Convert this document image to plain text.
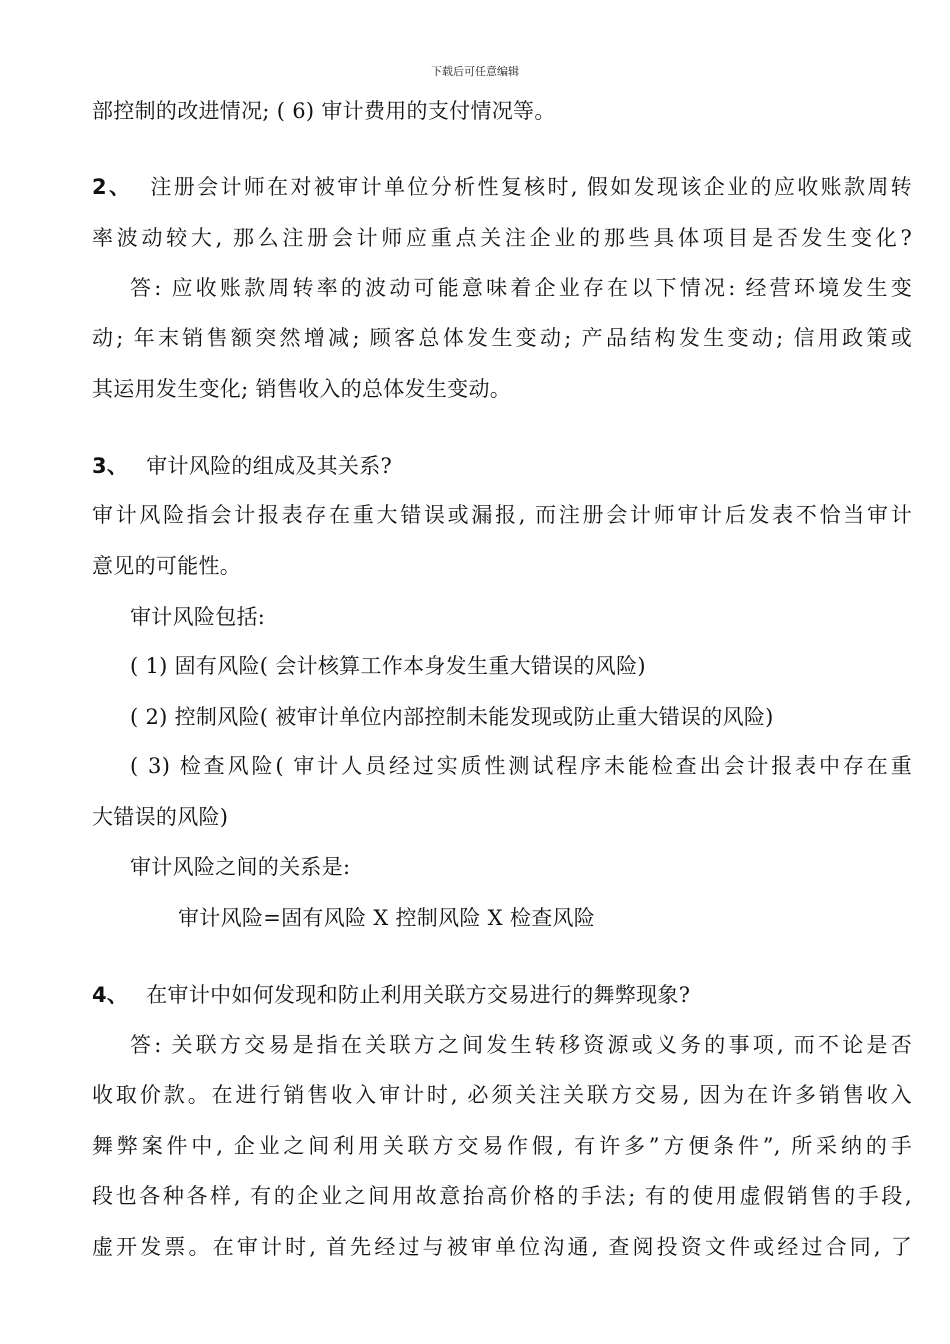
下载后可任意编辑
部控制的改进情况; ( 6) 审计费用的支付情况等。
2、 注册会计师在对被审计单位分析性复核时, 假如发现该企业的应收账款周转
率波动较大, 那么注册会计师应重点关注企业的那些具体项目是否发生变化?
答: 应收账款周转率的波动可能意味着企业存在以下情况: 经营环境发生变
动; 年末销售额突然增减; 顾客总体发生变动; 产品结构发生变动; 信用政策或
其运用发生变化; 销售收入的总体发生变动。
3、 审计风险的组成及其关系?
审计风险指会计报表存在重大错误或漏报, 而注册会计师审计后发表不恰当审计
意见的可能性。
审计风险包括:
( 1) 固有风险( 会计核算工作本身发生重大错误的风险)
( 2) 控制风险( 被审计单位内部控制未能发现或防止重大错误的风险)
( 3) 检查风险( 审计人员经过实质性测试程序未能检查出会计报表中存在重
大错误的风险)
审计风险之间的关系是:
审计风险=固有风险 X 控制风险 X 检查风险
4、 在审计中如何发现和防止利用关联方交易进行的舞弊现象?
答: 关联方交易是指在关联方之间发生转移资源或义务的事项, 而不论是否
收取价款。在进行销售收入审计时, 必须关注关联方交易, 因为在许多销售收入
舞弊案件中, 企业之间利用关联方交易作假, 有许多”方便条件”, 所采纳的手
段也各种各样, 有的企业之间用故意抬高价格的手法; 有的使用虚假销售的手段,
虚开发票。在审计时, 首先经过与被审单位沟通, 查阅投资文件或经过合同, 了
